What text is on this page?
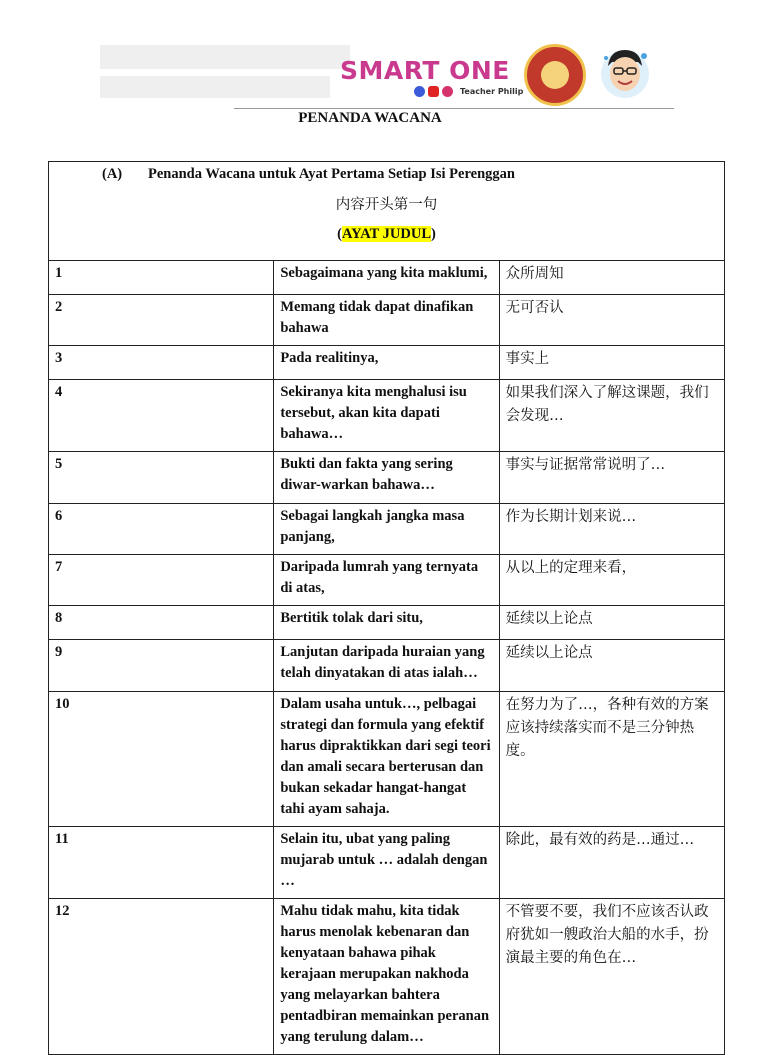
SMART ONE
Teacher Philip
PENANDA WACANA
(A) Penanda Wacana untuk Ayat Pertama Setiap Isi Perenggan
内容开头第一句
(AYAT JUDUL)		

1	Sebagaimana yang kita maklumi,	众所周知
2	Memang tidak dapat dinafikan bahawa	无可否认
3	Pada realitinya,	事实上
4	Sekiranya kita menghalusi isu tersebut, akan kita dapati bahawa…	如果我们深入了解这课题，我们会发现…
5	Bukti dan fakta yang sering diwar-warkan bahawa…	事实与证据常常说明了…
6	Sebagai langkah jangka masa panjang,	作为长期计划来说…
7	Daripada lumrah yang ternyata di atas,	从以上的定理来看，
8	Bertitik tolak dari situ,	延续以上论点
9	Lanjutan daripada huraian yang telah dinyatakan di atas ialah…	延续以上论点
10	Dalam usaha untuk…, pelbagai strategi dan formula yang efektif harus dipraktikkan dari segi teori dan amali secara berterusan dan bukan sekadar hangat-hangat tahi ayam sahaja.	在努力为了…，各种有效的方案应该持续落实而不是三分钟热度。
11	Selain itu, ubat yang paling mujarab untuk … adalah dengan …	除此，最有效的药是…通过…
12	Mahu tidak mahu, kita tidak harus menolak kebenaran dan kenyataan bahawa pihak kerajaan merupakan nakhoda yang melayarkan bahtera pentadbiran memainkan peranan yang terulung dalam…	不管要不要，我们不应该否认政府犹如一艘政治大船的水手，扮演最主要的角色在…
